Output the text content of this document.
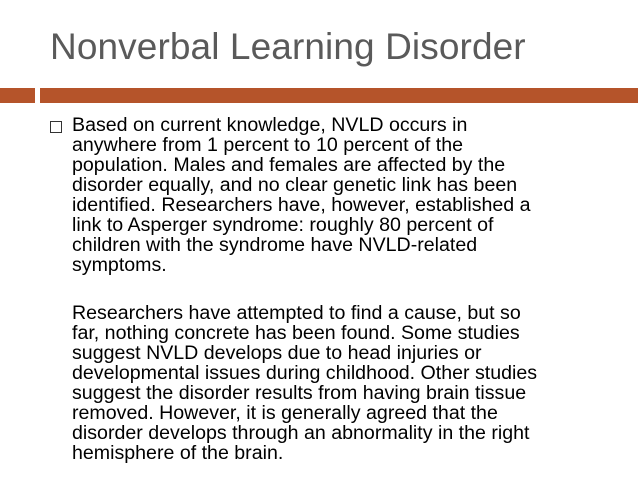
Nonverbal Learning Disorder
Based on current knowledge, NVLD occurs in
anywhere from 1 percent to 10 percent of the
population. Males and females are affected by the
disorder equally, and no clear genetic link has been
identified. Researchers have, however, established a
link to Asperger syndrome: roughly 80 percent of
children with the syndrome have NVLD-related
symptoms.
Researchers have attempted to find a cause, but so
far, nothing concrete has been found. Some studies
suggest NVLD develops due to head injuries or
developmental issues during childhood. Other studies
suggest the disorder results from having brain tissue
removed. However, it is generally agreed that the
disorder develops through an abnormality in the right
hemisphere of the brain.
